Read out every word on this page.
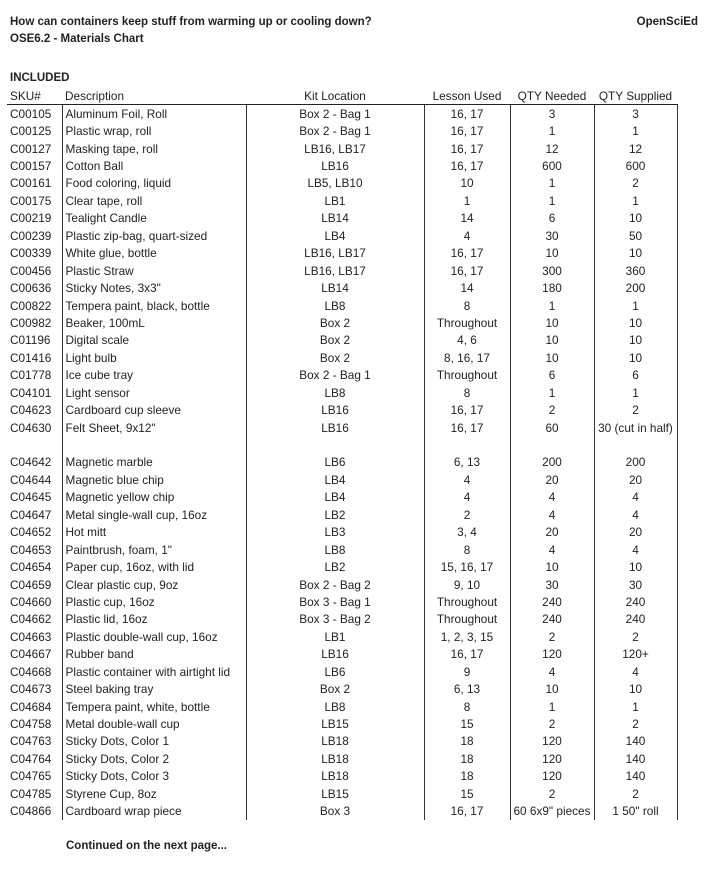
How can containers keep stuff from warming up or cooling down?
OSE6.2 - Materials Chart
OpenSciEd
INCLUDED
SKU#	Description	Kit Location	Lesson Used	QTY Needed	QTY Supplied
C00105	Aluminum Foil, Roll	Box 2 - Bag 1	16, 17	3	3
C00125	Plastic wrap, roll	Box 2 - Bag 1	16, 17	1	1
C00127	Masking tape, roll	LB16, LB17	16, 17	12	12
C00157	Cotton Ball	LB16	16, 17	600	600
C00161	Food coloring, liquid	LB5, LB10	10	1	2
C00175	Clear tape, roll	LB1	1	1	1
C00219	Tealight Candle	LB14	14	6	10
C00239	Plastic zip-bag, quart-sized	LB4	4	30	50
C00339	White glue, bottle	LB16, LB17	16, 17	10	10
C00456	Plastic Straw	LB16, LB17	16, 17	300	360
C00636	Sticky Notes, 3x3"	LB14	14	180	200
C00822	Tempera paint, black, bottle	LB8	8	1	1
C00982	Beaker, 100mL	Box 2	Throughout	10	10
C01196	Digital scale	Box 2	4, 6	10	10
C01416	Light bulb	Box 2	8, 16, 17	10	10
C01778	Ice cube tray	Box 2 - Bag 1	Throughout	6	6
C04101	Light sensor	LB8	8	1	1
C04623	Cardboard cup sleeve	LB16	16, 17	2	2
C04630	Felt Sheet, 9x12"	LB16	16, 17	60	30 (cut in half)

C04642	Magnetic marble	LB6	6, 13	200	200
C04644	Magnetic blue chip	LB4	4	20	20
C04645	Magnetic yellow chip	LB4	4	4	4
C04647	Metal single-wall cup, 16oz	LB2	2	4	4
C04652	Hot mitt	LB3	3, 4	20	20
C04653	Paintbrush, foam, 1"	LB8	8	4	4
C04654	Paper cup, 16oz, with lid	LB2	15, 16, 17	10	10
C04659	Clear plastic cup, 9oz	Box 2 - Bag 2	9, 10	30	30
C04660	Plastic cup, 16oz	Box 3 - Bag 1	Throughout	240	240
C04662	Plastic lid, 16oz	Box 3 - Bag 2	Throughout	240	240
C04663	Plastic double-wall cup, 16oz	LB1	1, 2, 3, 15	2	2
C04667	Rubber band	LB16	16, 17	120	120+
C04668	Plastic container with airtight lid	LB6	9	4	4
C04673	Steel baking tray	Box 2	6, 13	10	10
C04684	Tempera paint, white, bottle	LB8	8	1	1
C04758	Metal double-wall cup	LB15	15	2	2
C04763	Sticky Dots, Color 1	LB18	18	120	140
C04764	Sticky Dots, Color 2	LB18	18	120	140
C04765	Sticky Dots, Color 3	LB18	18	120	140
C04785	Styrene Cup, 8oz	LB15	15	2	2
C04866	Cardboard wrap piece	Box 3	16, 17	60 6x9" pieces	1 50" roll
Continued on the next page...
